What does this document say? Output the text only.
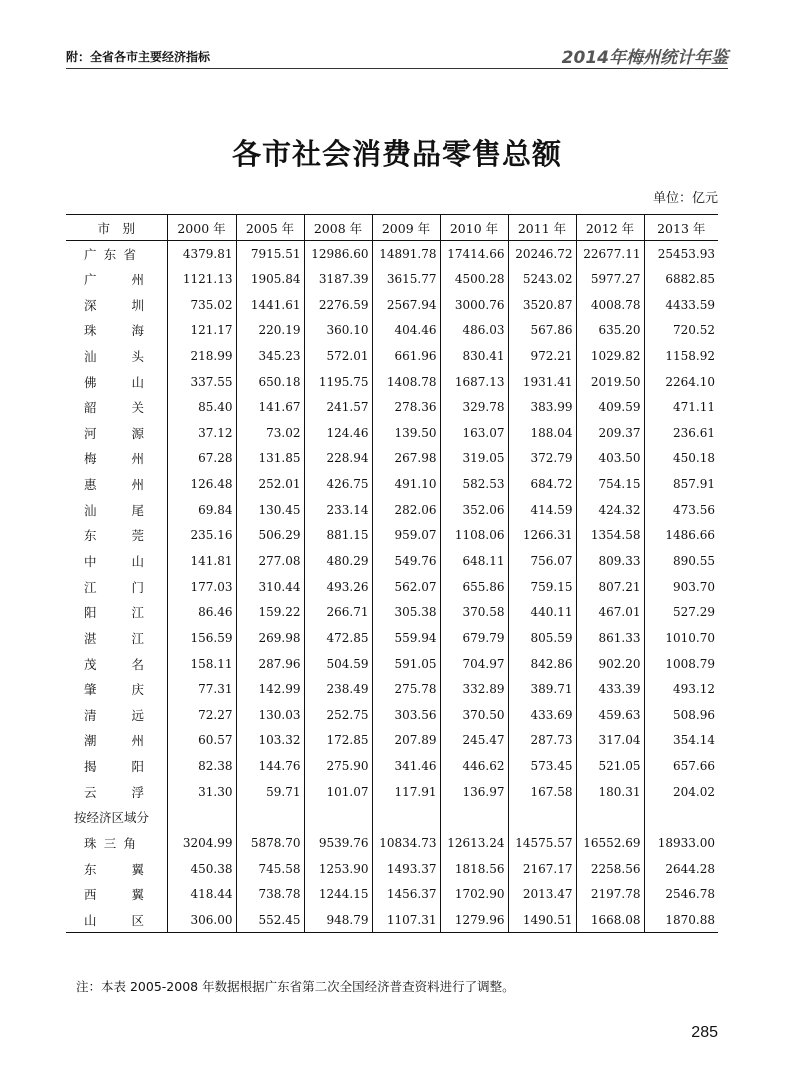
附：全省各市主要经济指标	2014年梅州统计年鉴
各市社会消费品零售总额
单位：亿元
市　别	2000 年	2005 年	2008 年	2009 年	2010 年	2011 年	2012 年	2013 年

广 东 省	4379.81	7915.51	12986.60	14891.78	17414.66	20246.72	22677.11	25453.93

广 州	1121.13	1905.84	3187.39	3615.77	4500.28	5243.02	5977.27	6882.85

深 圳	735.02	1441.61	2276.59	2567.94	3000.76	3520.87	4008.78	4433.59

珠 海	121.17	220.19	360.10	404.46	486.03	567.86	635.20	720.52

汕 头	218.99	345.23	572.01	661.96	830.41	972.21	1029.82	1158.92

佛 山	337.55	650.18	1195.75	1408.78	1687.13	1931.41	2019.50	2264.10

韶 关	85.40	141.67	241.57	278.36	329.78	383.99	409.59	471.11

河 源	37.12	73.02	124.46	139.50	163.07	188.04	209.37	236.61

梅 州	67.28	131.85	228.94	267.98	319.05	372.79	403.50	450.18

惠 州	126.48	252.01	426.75	491.10	582.53	684.72	754.15	857.91

汕 尾	69.84	130.45	233.14	282.06	352.06	414.59	424.32	473.56

东 莞	235.16	506.29	881.15	959.07	1108.06	1266.31	1354.58	1486.66

中 山	141.81	277.08	480.29	549.76	648.11	756.07	809.33	890.55

江 门	177.03	310.44	493.26	562.07	655.86	759.15	807.21	903.70

阳 江	86.46	159.22	266.71	305.38	370.58	440.11	467.01	527.29

湛 江	156.59	269.98	472.85	559.94	679.79	805.59	861.33	1010.70

茂 名	158.11	287.96	504.59	591.05	704.97	842.86	902.20	1008.79

肇 庆	77.31	142.99	238.49	275.78	332.89	389.71	433.39	493.12

清 远	72.27	130.03	252.75	303.56	370.50	433.69	459.63	508.96

潮 州	60.57	103.32	172.85	207.89	245.47	287.73	317.04	354.14

揭 阳	82.38	144.76	275.90	341.46	446.62	573.45	521.05	657.66

云 浮	31.30	59.71	101.07	117.91	136.97	167.58	180.31	204.02
按经济区域分								

珠 三 角	3204.99	5878.70	9539.76	10834.73	12613.24	14575.57	16552.69	18933.00

东 翼	450.38	745.58	1253.90	1493.37	1818.56	2167.17	2258.56	2644.28

西 翼	418.44	738.78	1244.15	1456.37	1702.90	2013.47	2197.78	2546.78

山 区	306.00	552.45	948.79	1107.31	1279.96	1490.51	1668.08	1870.88
注：本表 2005-2008 年数据根据广东省第二次全国经济普查资料进行了调整。
285
